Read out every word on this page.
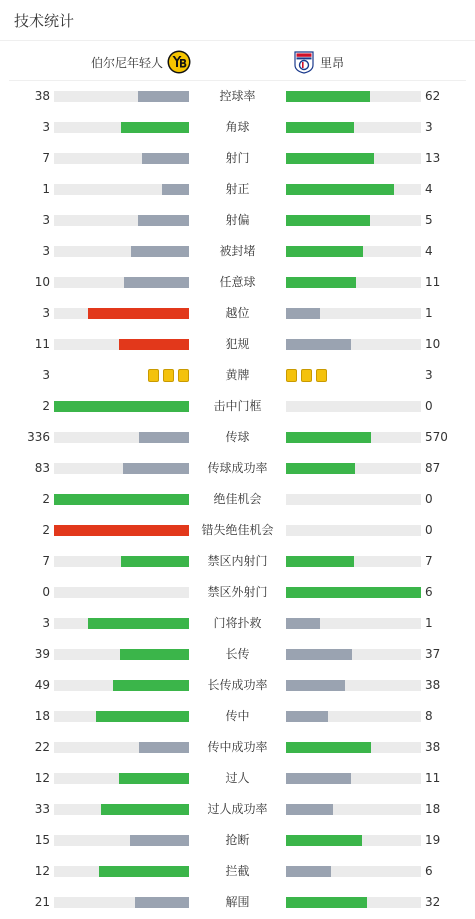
技术统计
伯尔尼年轻人	里昂
38	控球率	62
3	角球	3
7	射门	13
1	射正	4
3	射偏	5
3	被封堵	4
10	任意球	11
3	越位	1
11	犯规	10
3	黄牌	3
2	击中门框	0
336	传球	570
83	传球成功率	87
2	绝佳机会	0
2	错失绝佳机会	0
7	禁区内射门	7
0	禁区外射门	6
3	门将扑救	1
39	长传	37
49	长传成功率	38
18	传中	8
22	传中成功率	38
12	过人	11
33	过人成功率	18
15	抢断	19
12	拦截	6
21	解围	32
